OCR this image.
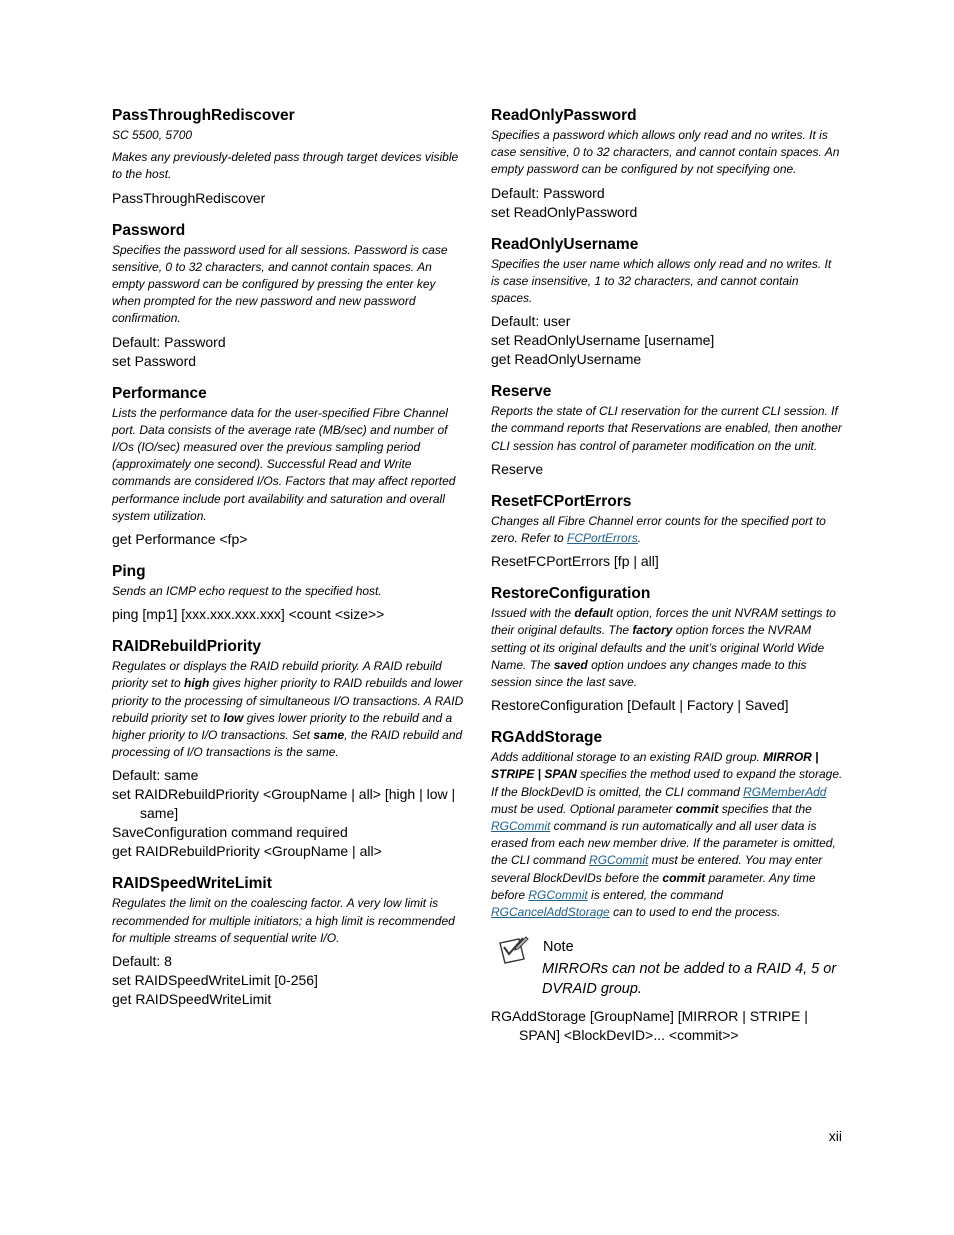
PassThroughRediscover
SC 5500, 5700
Makes any previously-deleted pass through target devices visible to the host.
PassThroughRediscover
Password
Specifies the password used for all sessions. Password is case sensitive, 0 to 32 characters, and cannot contain spaces. An empty password can be configured by pressing the enter key when prompted for the new password and new password confirmation.
Default: Password
set Password
Performance
Lists the performance data for the user-specified Fibre Channel port. Data consists of the average rate (MB/sec) and number of I/Os (IO/sec) measured over the previous sampling period (approximately one second). Successful Read and Write commands are considered I/Os. Factors that may affect reported performance include port availability and saturation and overall system utilization.
get Performance <fp>
Ping
Sends an ICMP echo request to the specified host.
ping [mp1] [xxx.xxx.xxx.xxx] <count <size>>
RAIDRebuildPriority
Regulates or displays the RAID rebuild priority. A RAID rebuild priority set to high gives higher priority to RAID rebuilds and lower priority to the processing of simultaneous I/O transactions. A RAID rebuild priority set to low gives lower priority to the rebuild and a higher priority to I/O transactions. Set same, the RAID rebuild and processing of I/O transactions is the same.
Default: same
set RAIDRebuildPriority <GroupName | all> [high | low | same]
SaveConfiguration command required
get RAIDRebuildPriority <GroupName | all>
RAIDSpeedWriteLimit
Regulates the limit on the coalescing factor. A very low limit is recommended for multiple initiators; a high limit is recommended for multiple streams of sequential write I/O.
Default: 8
set RAIDSpeedWriteLimit [0-256]
get RAIDSpeedWriteLimit
ReadOnlyPassword
Specifies a password which allows only read and no writes. It is case sensitive, 0 to 32 characters, and cannot contain spaces. An empty password can be configured by not specifying one.
Default: Password
set ReadOnlyPassword
ReadOnlyUsername
Specifies the user name which allows only read and no writes. It is case insensitive, 1 to 32 characters, and cannot contain spaces.
Default: user
set ReadOnlyUsername [username]
get ReadOnlyUsername
Reserve
Reports the state of CLI reservation for the current CLI session. If the command reports that Reservations are enabled, then another CLI session has control of parameter modification on the unit.
Reserve
ResetFCPortErrors
Changes all Fibre Channel error counts for the specified port to zero. Refer to FCPortErrors.
ResetFCPortErrors [fp | all]
RestoreConfiguration
Issued with the default option, forces the unit NVRAM settings to their original defaults. The factory option forces the NVRAM setting ot its original defaults and the unit’s original World Wide Name. The saved option undoes any changes made to this session since the last save.
RestoreConfiguration [Default | Factory | Saved]
RGAddStorage
Adds additional storage to an existing RAID group. MIRROR | STRIPE | SPAN specifies the method used to expand the storage. If the BlockDevID is omitted, the CLI command RGMemberAdd must be used. Optional parameter commit specifies that the RGCommit command is run automatically and all user data is erased from each new member drive. If the parameter is omitted, the CLI command RGCommit must be entered. You may enter several BlockDevIDs before the commit parameter. Any time before RGCommit is entered, the command RGCancelAddStorage can to used to end the process.
Note
MIRRORs can not be added to a RAID 4, 5 or DVRAID group.
RGAddStorage [GroupName] [MIRROR | STRIPE | SPAN] <BlockDevID>... <commit>>
xii
